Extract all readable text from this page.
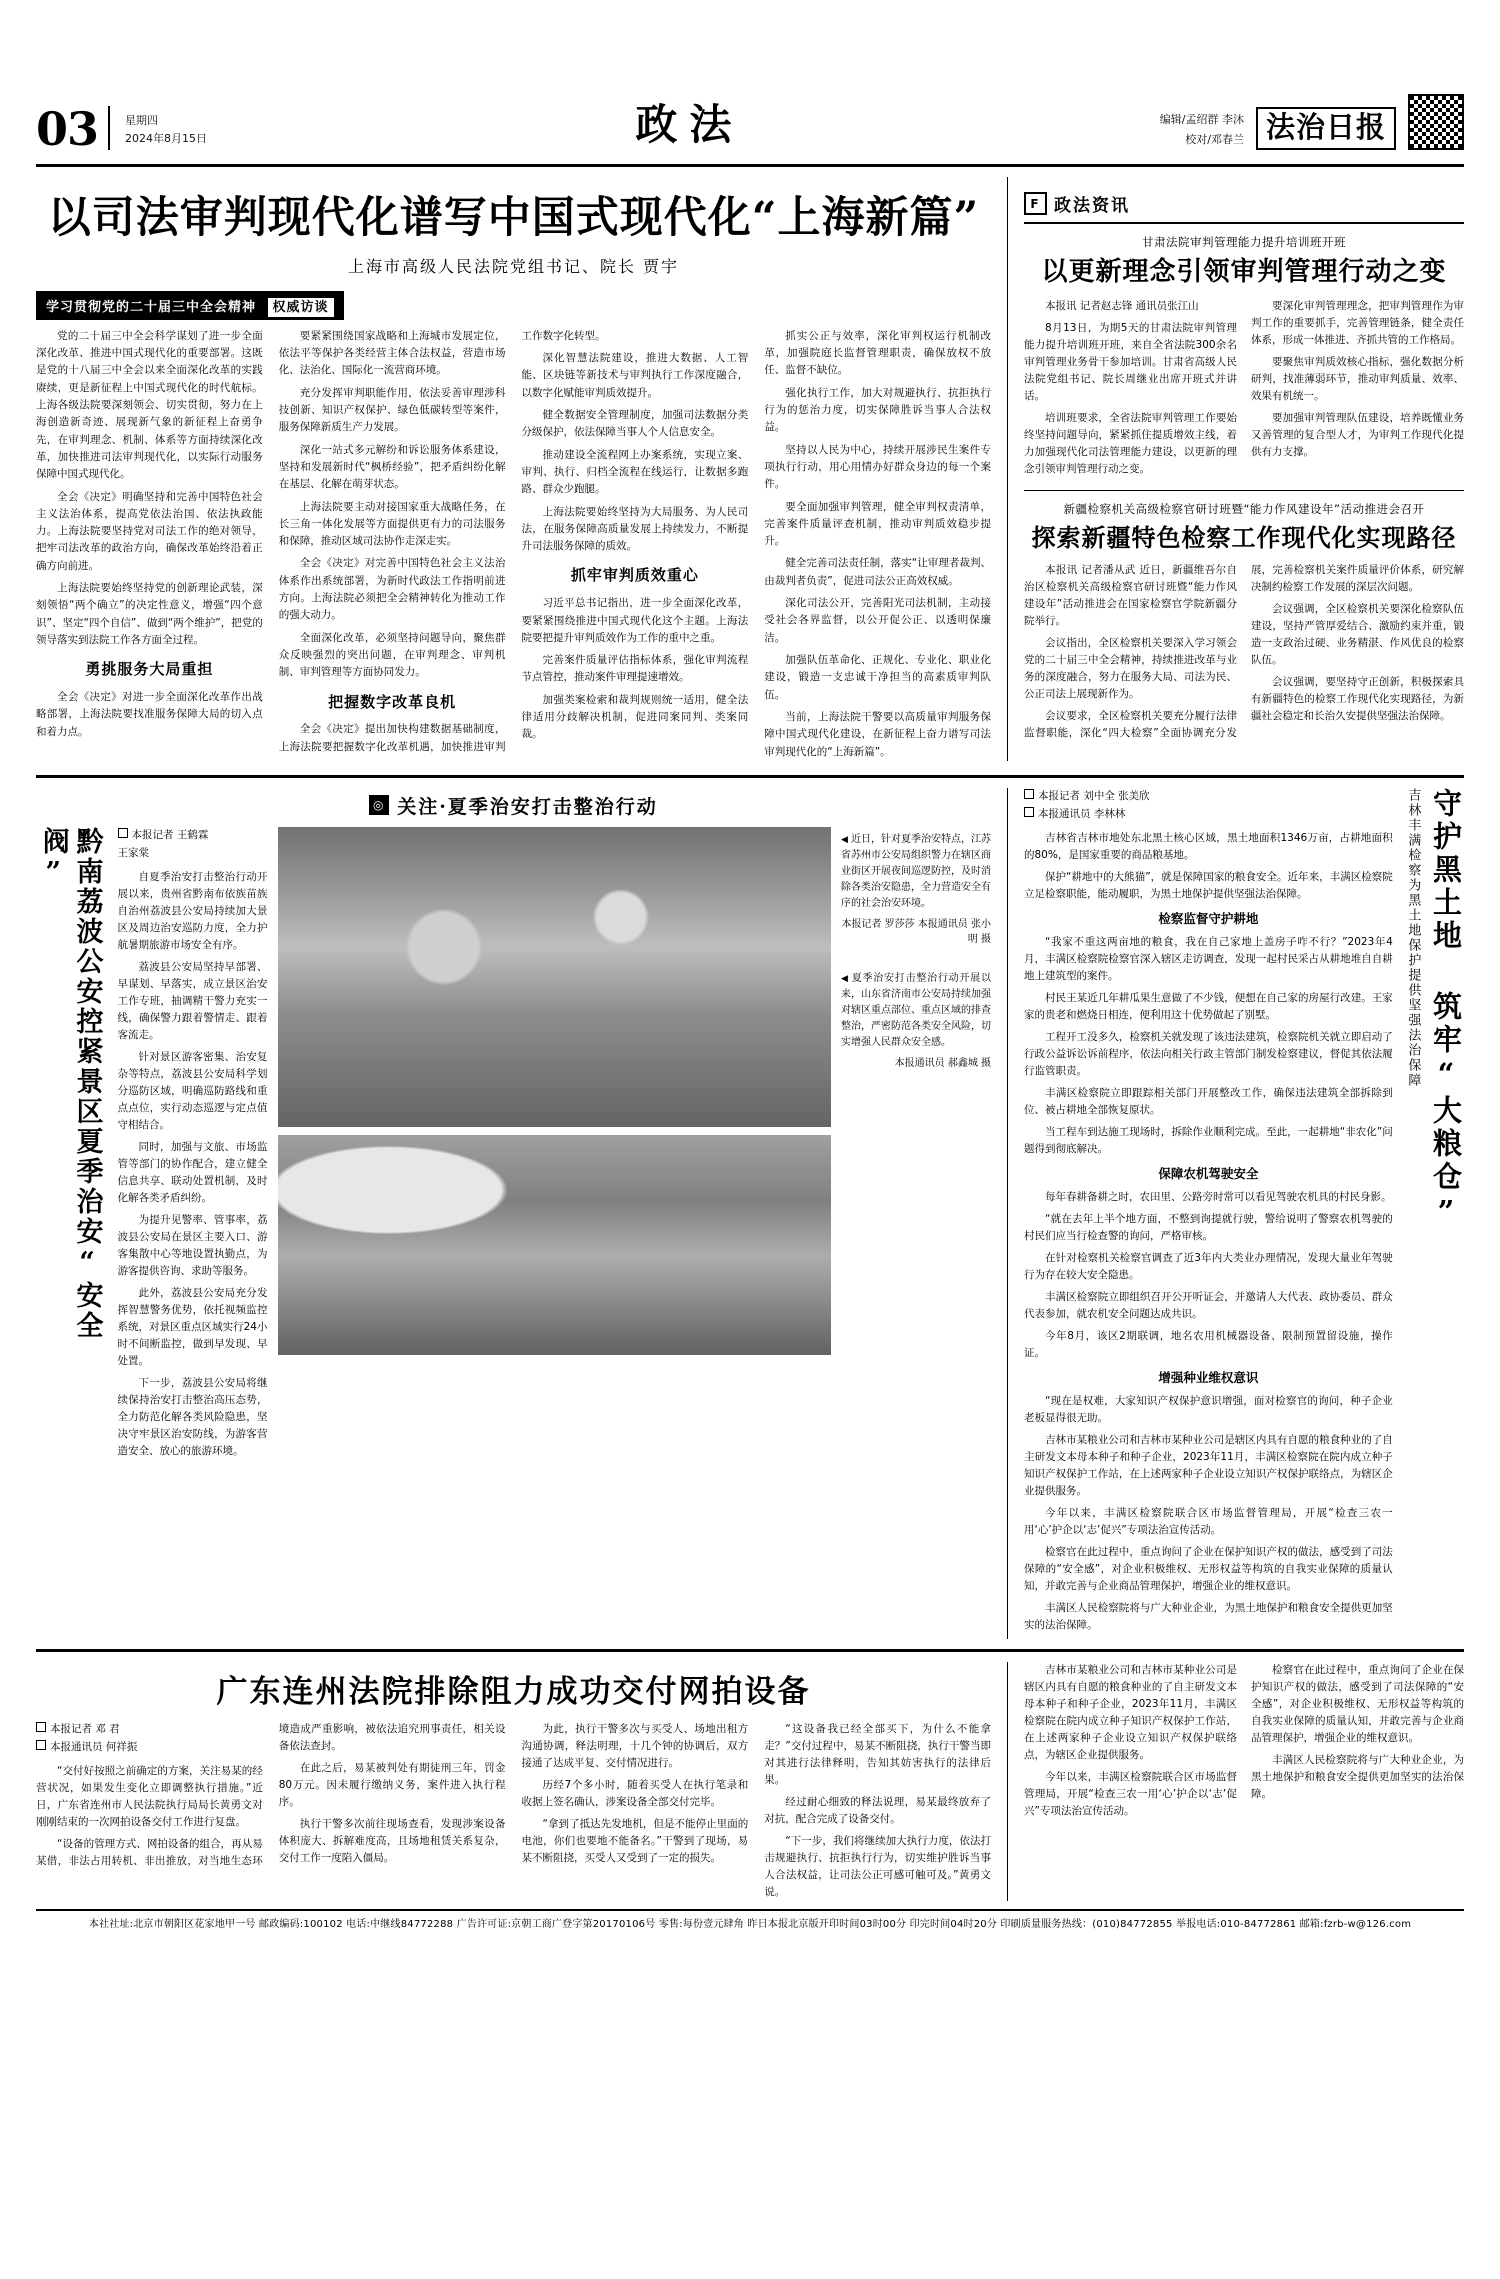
03 星期四
2024年8月15日	政法	编辑/孟绍群 李沐
校对/邓春兰 法治日报
以司法审判现代化谱写中国式现代化“上海新篇”
上海市高级人民法院党组书记、院长 贾宇
学习贯彻党的二十届三中全会精神 权威访谈

党的二十届三中全会科学谋划了进一步全面深化改革、推进中国式现代化的重要部署。这既是党的十八届三中全会以来全面深化改革的实践赓续，更是新征程上中国式现代化的时代航标。上海各级法院要深刻领会、切实贯彻，努力在上海创造新奇迹、展现新气象的新征程上奋勇争先，在审判理念、机制、体系等方面持续深化改革，加快推进司法审判现代化，以实际行动服务保障中国式现代化。

全会《决定》明确坚持和完善中国特色社会主义法治体系，提高党依法治国、依法执政能力。上海法院要坚持党对司法工作的绝对领导，把牢司法改革的政治方向，确保改革始终沿着正确方向前进。

上海法院要始终坚持党的创新理论武装，深刻领悟“两个确立”的决定性意义，增强“四个意识”、坚定“四个自信”、做到“两个维护”，把党的领导落实到法院工作各方面全过程。

勇挑服务大局重担

全会《决定》对进一步全面深化改革作出战略部署，上海法院要找准服务保障大局的切入点和着力点。

要紧紧围绕国家战略和上海城市发展定位，依法平等保护各类经营主体合法权益，营造市场化、法治化、国际化一流营商环境。

充分发挥审判职能作用，依法妥善审理涉科技创新、知识产权保护、绿色低碳转型等案件，服务保障新质生产力发展。

深化一站式多元解纷和诉讼服务体系建设，坚持和发展新时代“枫桥经验”，把矛盾纠纷化解在基层、化解在萌芽状态。

上海法院要主动对接国家重大战略任务，在长三角一体化发展等方面提供更有力的司法服务和保障，推动区域司法协作走深走实。

全会《决定》对完善中国特色社会主义法治体系作出系统部署，为新时代政法工作指明前进方向。上海法院必须把全会精神转化为推动工作的强大动力。

全面深化改革，必须坚持问题导向，聚焦群众反映强烈的突出问题，在审判理念、审判机制、审判管理等方面协同发力。

把握数字改革良机

全会《决定》提出加快构建数据基础制度，上海法院要把握数字化改革机遇，加快推进审判工作数字化转型。

深化智慧法院建设，推进大数据、人工智能、区块链等新技术与审判执行工作深度融合，以数字化赋能审判质效提升。

健全数据安全管理制度，加强司法数据分类分级保护，依法保障当事人个人信息安全。

推动建设全流程网上办案系统，实现立案、审判、执行、归档全流程在线运行，让数据多跑路、群众少跑腿。

上海法院要始终坚持为大局服务、为人民司法，在服务保障高质量发展上持续发力，不断提升司法服务保障的质效。

抓牢审判质效重心

习近平总书记指出，进一步全面深化改革，要紧紧围绕推进中国式现代化这个主题。上海法院要把提升审判质效作为工作的重中之重。

完善案件质量评估指标体系，强化审判流程节点管控，推动案件审理提速增效。

加强类案检索和裁判规则统一适用，健全法律适用分歧解决机制，促进同案同判、类案同裁。

抓实公正与效率，深化审判权运行机制改革，加强院庭长监督管理职责，确保放权不放任、监督不缺位。

强化执行工作，加大对规避执行、抗拒执行行为的惩治力度，切实保障胜诉当事人合法权益。

坚持以人民为中心，持续开展涉民生案件专项执行行动，用心用情办好群众身边的每一个案件。

要全面加强审判管理，健全审判权责清单，完善案件质量评查机制，推动审判质效稳步提升。

健全完善司法责任制，落实“让审理者裁判、由裁判者负责”，促进司法公正高效权威。

深化司法公开，完善阳光司法机制，主动接受社会各界监督，以公开促公正、以透明保廉洁。

加强队伍革命化、正规化、专业化、职业化建设，锻造一支忠诚干净担当的高素质审判队伍。

当前，上海法院干警要以高质量审判服务保障中国式现代化建设，在新征程上奋力谱写司法审判现代化的“上海新篇”。

F 政法资讯
甘肃法院审判管理能力提升培训班开班
以更新理念引领审判管理行动之变

本报讯 记者赵志锋 通讯员张江山

8月13日，为期5天的甘肃法院审判管理能力提升培训班开班，来自全省法院300余名审判管理业务骨干参加培训。甘肃省高级人民法院党组书记、院长周继业出席开班式并讲话。

培训班要求，全省法院审判管理工作要始终坚持问题导向，紧紧抓住提质增效主线，着力加强现代化司法管理能力建设，以更新的理念引领审判管理行动之变。

要深化审判管理理念，把审判管理作为审判工作的重要抓手，完善管理链条，健全责任体系，形成一体推进、齐抓共管的工作格局。

要聚焦审判质效核心指标，强化数据分析研判，找准薄弱环节，推动审判质量、效率、效果有机统一。

要加强审判管理队伍建设，培养既懂业务又善管理的复合型人才，为审判工作现代化提供有力支撑。

新疆检察机关高级检察官研讨班暨“能力作风建设年”活动推进会召开
探索新疆特色检察工作现代化实现路径

本报讯 记者潘从武 近日，新疆维吾尔自治区检察机关高级检察官研讨班暨“能力作风建设年”活动推进会在国家检察官学院新疆分院举行。

会议指出，全区检察机关要深入学习领会党的二十届三中全会精神，持续推进改革与业务的深度融合，努力在服务大局、司法为民、公正司法上展现新作为。

会议要求，全区检察机关要充分履行法律监督职能，深化“四大检察”全面协调充分发展，完善检察机关案件质量评价体系，研究解决制约检察工作发展的深层次问题。

会议强调，全区检察机关要深化检察队伍建设，坚持严管厚爱结合、激励约束并重，锻造一支政治过硬、业务精湛、作风优良的检察队伍。

会议强调，要坚持守正创新，积极探索具有新疆特色的检察工作现代化实现路径，为新疆社会稳定和长治久安提供坚强法治保障。

◎ 关注·夏季治安打击整治行动
黔南荔波公安控紧景区夏季治安“安全阀”	本报记者 王鹤霖
王家棠

自夏季治安打击整治行动开展以来，贵州省黔南布依族苗族自治州荔波县公安局持续加大景区及周边治安巡防力度，全力护航暑期旅游市场安全有序。

荔波县公安局坚持早部署、早谋划、早落实，成立景区治安工作专班，抽调精干警力充实一线，确保警力跟着警情走、跟着客流走。

针对景区游客密集、治安复杂等特点，荔波县公安局科学划分巡防区域，明确巡防路线和重点点位，实行动态巡逻与定点值守相结合。

同时，加强与文旅、市场监管等部门的协作配合，建立健全信息共享、联动处置机制，及时化解各类矛盾纠纷。

为提升见警率、管事率，荔波县公安局在景区主要入口、游客集散中心等地设置执勤点，为游客提供咨询、求助等服务。

此外，荔波县公安局充分发挥智慧警务优势，依托视频监控系统，对景区重点区域实行24小时不间断监控，做到早发现、早处置。

下一步，荔波县公安局将继续保持治安打击整治高压态势，全力防范化解各类风险隐患，坚决守牢景区治安防线，为游客营造安全、放心的旅游环境。

◀ 近日，针对夏季治安特点，江苏省苏州市公安局组织警力在辖区商业街区开展夜间巡逻防控，及时消除各类治安隐患，全力营造安全有序的社会治安环境。
本报记者 罗莎莎 本报通讯员 张小明 摄
◀ 夏季治安打击整治行动开展以来，山东省济南市公安局持续加强对辖区重点部位、重点区域的排查整治，严密防范各类安全风险，切实增强人民群众安全感。
本报通讯员 郝鑫城 摄
本报记者 刘中全 张美欣
本报通讯员 李林林

吉林省吉林市地处东北黑土核心区域，黑土地面积1346万亩，占耕地面积的80%，是国家重要的商品粮基地。

保护“耕地中的大熊猫”，就是保障国家的粮食安全。近年来，丰满区检察院立足检察职能，能动履职，为黑土地保护提供坚强法治保障。

检察监督守护耕地

“我家不重这两亩地的粮食，我在自己家地上盖房子咋不行？”2023年4月，丰满区检察院检察官深入辖区走访调查，发现一起村民采占从耕地堆自自耕地上建筑型的案件。

村民王某近几年耕瓜果生意做了不少钱，便想在自己家的房屋行改建。王家家的贵老和燃烧日相连，便利用这十优势做起了别墅。

工程开工没多久，检察机关就发现了该违法建筑，检察院机关就立即启动了行政公益诉讼诉前程序，依法向相关行政主管部门制发检察建议，督促其依法履行监管职责。

丰满区检察院立即跟踪相关部门开展整改工作，确保违法建筑全部拆除到位、被占耕地全部恢复原状。

当工程车到达施工现场时，拆除作业顺利完成。至此，一起耕地“非农化”问题得到彻底解决。

保障农机驾驶安全

每年春耕备耕之时，农田里、公路旁时常可以看见驾驶农机具的村民身影。

“就在去年上半个地方面，不整到询提就行驶，警给说明了警察农机驾驶的村民们应当行检查警的询问，严格审核。

在针对检察机关检察官调查了近3年内大类业办理情况，发现大量业年驾驶行为存在较大安全隐患。

丰满区检察院立即组织召开公开听证会，并邀请人大代表、政协委员、群众代表参加，就农机安全问题达成共识。

今年8月，该区2期联调，地名农用机械器设备、限制预置留设施，操作证。

增强种业维权意识

“现在是权难，大家知识产权保护意识增强，面对检察官的询问，种子企业老板显得很无助。

吉林市某粮业公司和吉林市某种业公司是辖区内具有自愿的粮食种业的了自主研发文本母本种子和种子企业，2023年11月，丰满区检察院在院内成立种子知识产权保护工作站，在上述两家种子企业设立知识产权保护联络点，为辖区企业提供服务。

今年以来，丰满区检察院联合区市场监督管理局，开展“检查三农一用‘心’护企以‘志’促兴”专项法治宣传活动。

检察官在此过程中，重点询问了企业在保护知识产权的做法，感受到了司法保障的“安全感”，对企业积极维权、无形权益等构筑的自我实业保障的质量认知，并敢完善与企业商品管理保护，增强企业的维权意识。

丰满区人民检察院将与广大种业企业，为黑土地保护和粮食安全提供更加坚实的法治保障。

吉林丰满检察为黑土地保护提供坚强法治保障 守护黑土地 筑牢“大粮仓”
广东连州法院排除阻力成功交付网拍设备
本报记者 邓 君
本报通讯员 何祥振

“交付好按照之前确定的方案，关注易某的经营状况，如果发生变化立即调整执行措施。”近日，广东省连州市人民法院执行局局长黄勇文对刚刚结束的一次网拍设备交付工作进行复盘。

“设备的管理方式、网拍设备的组合，再从易某借，非法占用转机、非出推放，对当地生态环境造成严重影响，被依法追究刑事责任，相关设备依法查封。

在此之后，易某被判处有期徒刑三年，罚金80万元。因未履行缴纳义务，案件进入执行程序。

执行干警多次前往现场查看，发现涉案设备体积庞大、拆解难度高，且场地租赁关系复杂，交付工作一度陷入僵局。

为此，执行干警多次与买受人、场地出租方沟通协调，释法明理，十几个钟的协调后，双方接通了达成平复、交付情况进行。

历经7个多小时，随着买受人在执行笔录和收据上签名确认，涉案设备全部交付完毕。

“拿到了抵达先发地机，但是不能停止里面的电池，你们也要地不能备名。”干警到了现场，易某不断阻挠，买受人又受到了一定的损失。

“这设备我已经全部买下，为什么不能拿走？”交付过程中，易某不断阻挠，执行干警当即对其进行法律释明，告知其妨害执行的法律后果。

经过耐心细致的释法说理，易某最终放弃了对抗，配合完成了设备交付。

“下一步，我们将继续加大执行力度，依法打击规避执行、抗拒执行行为，切实维护胜诉当事人合法权益，让司法公正可感可触可及。”黄勇文说。

吉林市某粮业公司和吉林市某种业公司是辖区内具有自愿的粮食种业的了自主研发文本母本种子和种子企业，2023年11月，丰满区检察院在院内成立种子知识产权保护工作站，在上述两家种子企业设立知识产权保护联络点，为辖区企业提供服务。

今年以来，丰满区检察院联合区市场监督管理局，开展“检查三农一用‘心’护企以‘志’促兴”专项法治宣传活动。

检察官在此过程中，重点询问了企业在保护知识产权的做法，感受到了司法保障的“安全感”，对企业积极维权、无形权益等构筑的自我实业保障的质量认知，并敢完善与企业商品管理保护，增强企业的维权意识。

丰满区人民检察院将与广大种业企业，为黑土地保护和粮食安全提供更加坚实的法治保障。

本社社址:北京市朝阳区花家地甲一号 邮政编码:100102 电话:中继线84772288 广告许可证:京朝工商广登字第20170106号 零售:每份壹元肆角 昨日本报北京版开印时间03时00分 印完时间04时20分 印刷质量服务热线：(010)84772855 举报电话:010-84772861 邮箱:fzrb-w@126.com
